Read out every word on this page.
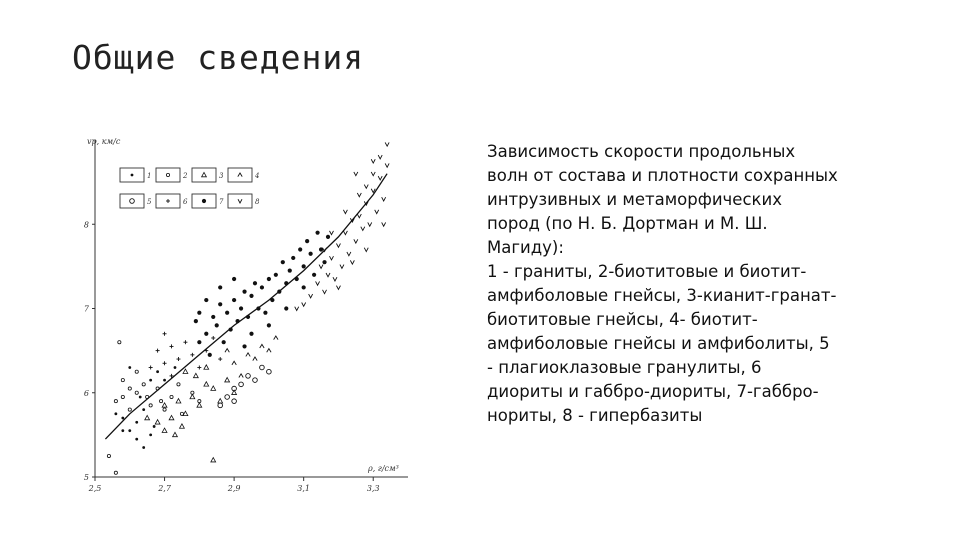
Общие сведения
2,5	2,7	2,9	3,1	3,3
5
6
7
8
ρ, г/см³
vp, км/с
1	2	3	4
5	6	7	8

Зависимость скорости продольных
волн от состава и плотности сохранных
интрузивных и метаморфических
пород (по Н. Б. Дортман и М. Ш.
Магиду):
1 - граниты, 2-биотитовые и биотит-
амфиболовые гнейсы, 3-кианит-гранат-
биотитовые гнейсы, 4- биотит-
амфиболовые гнейсы и амфиболиты, 5
- плагиоклазовые гранулиты, 6
диориты и габбро-диориты, 7-габбро-
нориты, 8 - гипербазиты
